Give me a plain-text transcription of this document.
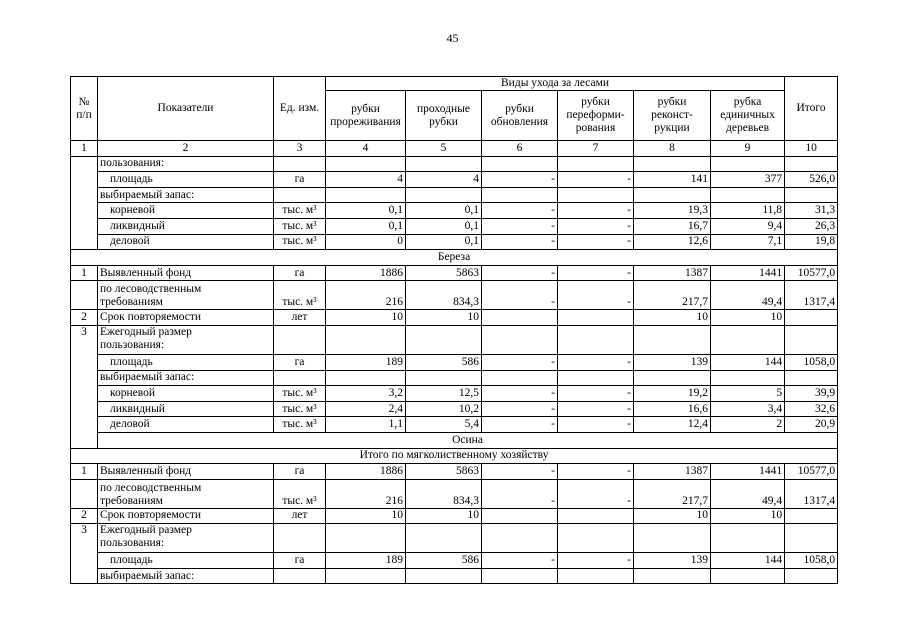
45
№ п/п	Показатели	Ед. изм.	Виды ухода за лесами						Итого
			рубки прореживания	проходные рубки	рубки обновления	рубки переформи-рования	рубки реконст-рукции	рубка единичных деревьев	
1	2	3	4	5	6	7	8	9	10
	пользования:								
	площадь	га	4	4	-	-	141	377	526,0
	выбираемый запас:								
	корневой	тыс. м³	0,1	0,1	-	-	19,3	11,8	31,3
	ликвидный	тыс. м³	0,1	0,1	-	-	16,7	9,4	26,3
	деловой	тыс. м³	0	0,1	-	-	12,6	7,1	19,8
Береза									
1	Выявленный фонд	га	1886	5863	-	-	1387	1441	10577,0

	по лесоводственным
требованиям	тыс. м³	216	834,3	-	-	217,7	49,4	1317,4
2	Срок повторяемости	лет	10	10			10	10	
3	Ежегодный размер
пользования:								

	площадь	га	189	586	-	-	139	144	1058,0
	выбираемый запас:								
	корневой	тыс. м³	3,2	12,5	-	-	19,2	5	39,9
	ликвидный	тыс. м³	2,4	10,2	-	-	16,6	3,4	32,6
	деловой	тыс. м³	1,1	5,4	-	-	12,4	2	20,9
	Осина								
Итого по мягколиственному хозяйству									
1	Выявленный фонд	га	1886	5863	-	-	1387	1441	10577,0

	по лесоводственным
требованиям	тыс. м³	216	834,3	-	-	217,7	49,4	1317,4
2	Срок повторяемости	лет	10	10			10	10	
3	Ежегодный размер
пользования:								

	площадь	га	189	586	-	-	139	144	1058,0
	выбираемый запас:								
